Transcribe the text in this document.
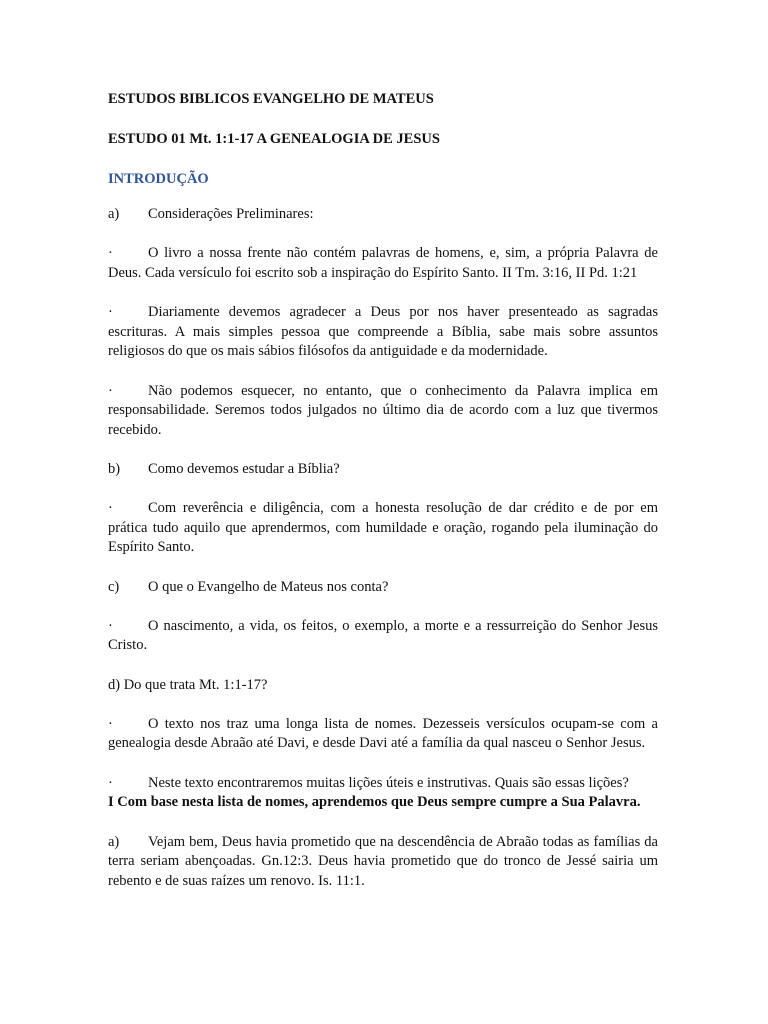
ESTUDOS BIBLICOS EVANGELHO DE MATEUS
ESTUDO 01 Mt. 1:1-17 A GENEALOGIA DE JESUS
INTRODUÇÃO
a)	Considerações Preliminares:

· O livro a nossa frente não contém palavras de homens, e, sim, a própria Palavra de Deus. Cada versículo foi escrito sob a inspiração do Espírito Santo. II Tm. 3:16, II Pd. 1:21

· Diariamente devemos agradecer a Deus por nos haver presenteado as sagradas escrituras. A mais simples pessoa que compreende a Bíblia, sabe mais sobre assuntos religiosos do que os mais sábios filósofos da antiguidade e da modernidade.

· Não podemos esquecer, no entanto, que o conhecimento da Palavra implica em responsabilidade. Seremos todos julgados no último dia de acordo com a luz que tivermos recebido.

b)	Como devemos estudar a Bíblia?

· Com reverência e diligência, com a honesta resolução de dar crédito e de por em prática tudo aquilo que aprendermos, com humildade e oração, rogando pela iluminação do Espírito Santo.

c)	O que o Evangelho de Mateus nos conta?

· O nascimento, a vida, os feitos, o exemplo, a morte e a ressurreição do Senhor Jesus Cristo.

d) Do que trata Mt. 1:1-17?

· O texto nos traz uma longa lista de nomes. Dezesseis versículos ocupam-se com a genealogia desde Abraão até Davi, e desde Davi até a família da qual nasceu o Senhor Jesus.

· Neste texto encontraremos muitas lições úteis e instrutivas. Quais são essas lições?

I Com base nesta lista de nomes, aprendemos que Deus sempre cumpre a Sua Palavra.

a) Vejam bem, Deus havia prometido que na descendência de Abraão todas as famílias da terra seriam abençoadas. Gn.12:3. Deus havia prometido que do tronco de Jessé sairia um rebento e de suas raízes um renovo. Is. 11:1.
